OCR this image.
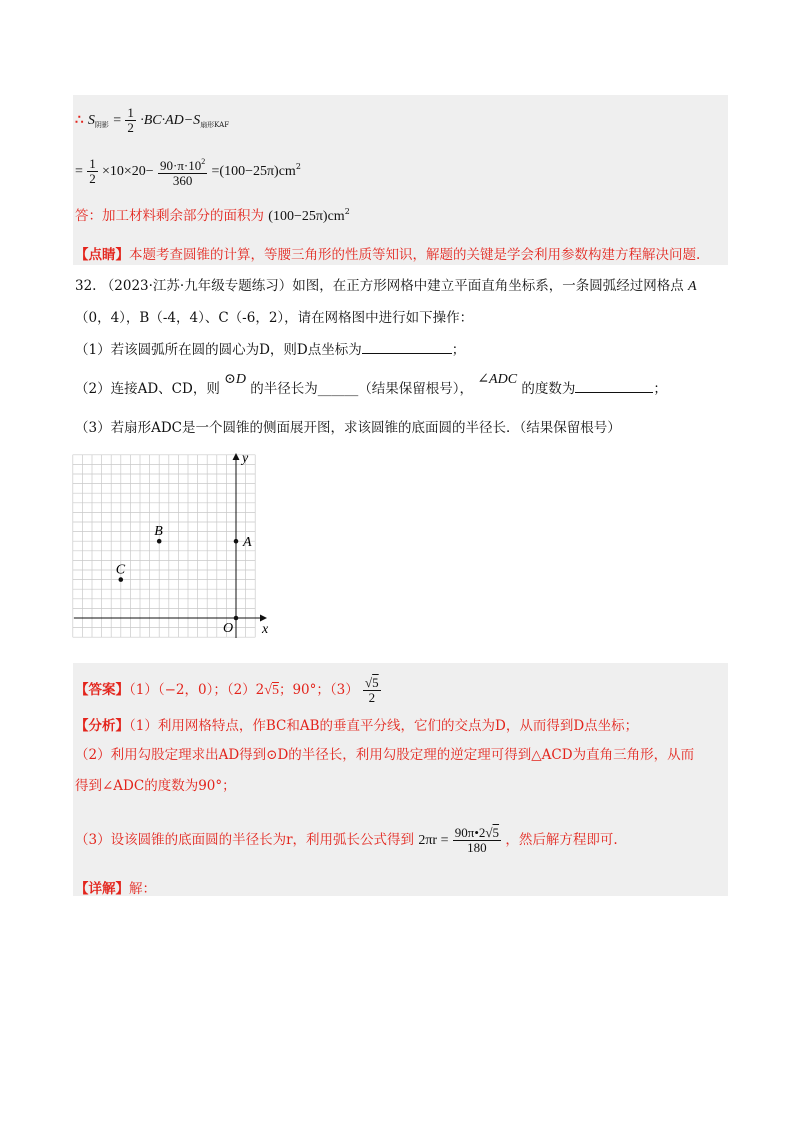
∴ $S_{阴影} = \frac{1}{2} \cdot BC\cdot AD-S_{扇形KAF}$
= $\frac{1}{2} \times 10\times 20- \frac{90\cdot\pi\cdot 10^2}{360} =(100-25\pi)cm^2$
答：加工材料剩余部分的面积为 $(100-25\pi)cm^2$
【点睛】本题考查圆锥的计算，等腰三角形的性质等知识，解题的关键是学会利用参数构建方程解决问题.
32. （2023·江苏·九年级专题练习）如图，在正方形网格中建立平面直角坐标系，一条圆弧经过网格点 A
（0，4），B（-4，4）、C（-6，2），请在网格图中进行如下操作：
（1）若该圆弧所在圆的圆心为D，则D点坐标为	；
（2）连接AD、CD，则 ⊙D 的半径长为______（结果保留根号）， ∠ADC 的度数为	；
（3）若扇形ADC是一个圆锥的侧面展开图，求该圆锥的底面圆的半径长．（结果保留根号）
x
y
O
A
B
C
【答案】（1）（−2，0）；（2）2√5；90°；$(3) \frac{√5}{2}$
【分析】（1）利用网格特点，作BC和AB的垂直平分线，它们的交点为D，从而得到D点坐标；
（2）利用勾股定理求出AD得到⊙D的半径长，利用勾股定理的逆定理可得到△ACD为直角三角形，从而
得到∠ADC的度数为90°；
（3）设该圆锥的底面圆的半径长为r，利用弧长公式得到 $2\pi r = \frac{90\pi•2√5}{180}$ ，然后解方程即可.
【详解】解：
